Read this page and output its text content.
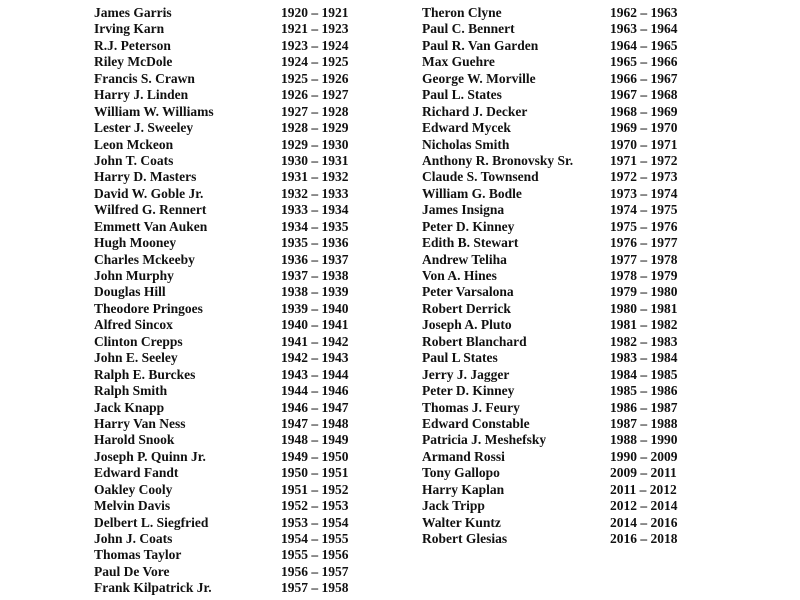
James Garris	1920 – 1921
Irving Karn	1921 – 1923
R.J. Peterson	1923 – 1924
Riley McDole	1924 – 1925
Francis S. Crawn	1925 – 1926
Harry J. Linden	1926 – 1927
William W. Williams	1927 – 1928
Lester J. Sweeley	1928 – 1929
Leon Mckeon	1929 – 1930
John T. Coats	1930 – 1931
Harry D. Masters	1931 – 1932
David W. Goble Jr.	1932 – 1933
Wilfred G. Rennert	1933 – 1934
Emmett Van Auken	1934 – 1935
Hugh Mooney	1935 – 1936
Charles Mckeeby	1936 – 1937
John Murphy	1937 – 1938
Douglas Hill	1938 – 1939
Theodore Pringoes	1939 – 1940
Alfred Sincox	1940 – 1941
Clinton Crepps	1941 – 1942
John E. Seeley	1942 – 1943
Ralph E. Burckes	1943 – 1944
Ralph Smith	1944 – 1946
Jack Knapp	1946 – 1947
Harry Van Ness	1947 – 1948
Harold Snook	1948 – 1949
Joseph P. Quinn Jr.	1949 – 1950
Edward Fandt	1950 – 1951
Oakley Cooly	1951 – 1952
Melvin Davis	1952 – 1953
Delbert L. Siegfried	1953 – 1954
John J. Coats	1954 – 1955
Thomas Taylor	1955 – 1956
Paul De Vore	1956 – 1957
Frank Kilpatrick Jr.	1957 – 1958
Theron Clyne	1962 – 1963
Paul C. Bennert	1963 – 1964
Paul R. Van Garden	1964 – 1965
Max Guehre	1965 – 1966
George W. Morville	1966 – 1967
Paul L. States	1967 – 1968
Richard J. Decker	1968 – 1969
Edward Mycek	1969 – 1970
Nicholas Smith	1970 – 1971
Anthony R. Bronovsky Sr.	1971 – 1972
Claude S. Townsend	1972 – 1973
William G. Bodle	1973 – 1974
James Insigna	1974 – 1975
Peter D. Kinney	1975 – 1976
Edith B. Stewart	1976 – 1977
Andrew Teliha	1977 – 1978
Von A. Hines	1978 – 1979
Peter Varsalona	1979 – 1980
Robert Derrick	1980 – 1981
Joseph A. Pluto	1981 – 1982
Robert Blanchard	1982 – 1983
Paul L States	1983 – 1984
Jerry J. Jagger	1984 – 1985
Peter D. Kinney	1985 – 1986
Thomas J. Feury	1986 – 1987
Edward Constable	1987 – 1988
Patricia J. Meshefsky	1988 – 1990
Armand Rossi	1990 – 2009
Tony Gallopo	2009 – 2011
Harry Kaplan	2011 – 2012
Jack Tripp	2012 – 2014
Walter Kuntz	2014 – 2016
Robert Glesias	2016 – 2018
